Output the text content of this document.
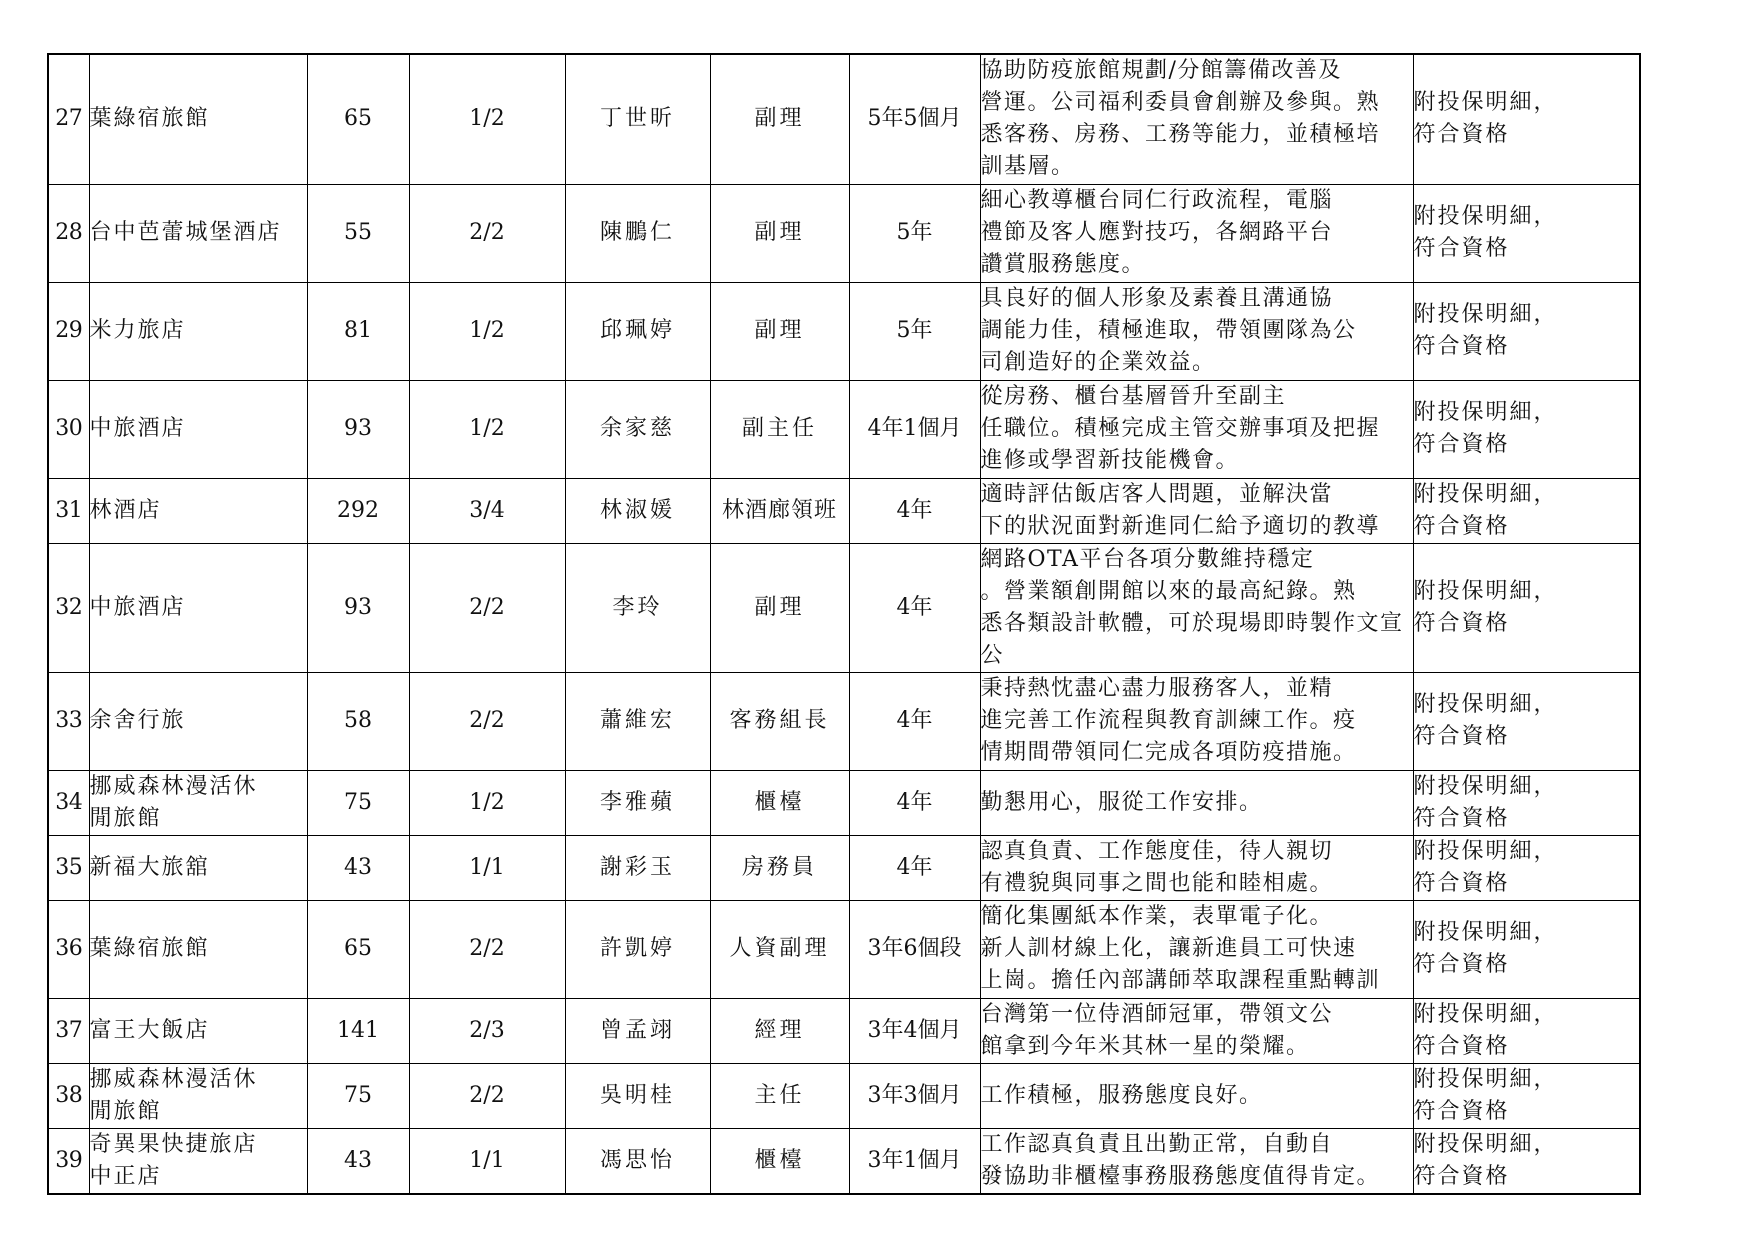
27	葉綠宿旅館	65	1/2	丁世昕	副理	5年5個月	協助防疫旅館規劃/分館籌備改善及
營運。公司福利委員會創辦及參與。熟
悉客務、房務、工務等能力，並積極培
訓基層。	附投保明細，
符合資格

28	台中芭蕾城堡酒店	55	2/2	陳鵬仁	副理	5年	細心教導櫃台同仁行政流程，電腦
禮節及客人應對技巧，各網路平台
讚賞服務態度。	附投保明細，
符合資格

29	米力旅店	81	1/2	邱珮婷	副理	5年	具良好的個人形象及素養且溝通協
調能力佳，積極進取，帶領團隊為公
司創造好的企業效益。	附投保明細，
符合資格

30	中旅酒店	93	1/2	余家慈	副主任	4年1個月	從房務、櫃台基層晉升至副主
任職位。積極完成主管交辦事項及把握
進修或學習新技能機會。	附投保明細，
符合資格

31	林酒店	292	3/4	林淑媛	林酒廊領班	4年	適時評估飯店客人問題，並解決當
下的狀況面對新進同仁給予適切的教導	附投保明細，
符合資格

32	中旅酒店	93	2/2	李玲	副理	4年	網路OTA平台各項分數維持穩定
。營業額創開館以來的最高紀錄。熟
悉各類設計軟體，可於現場即時製作文宣公	附投保明細，
符合資格

33	余舍行旅	58	2/2	蕭維宏	客務組長	4年	秉持熱忱盡心盡力服務客人，並精
進完善工作流程與教育訓練工作。疫
情期間帶領同仁完成各項防疫措施。	附投保明細，
符合資格

34	挪威森林漫活休
閒旅館	75	1/2	李雅蘋	櫃檯	4年	勤懇用心，服從工作安排。	附投保明細，
符合資格

35	新福大旅舘	43	1/1	謝彩玉	房務員	4年	認真負責、工作態度佳，待人親切
有禮貌與同事之間也能和睦相處。	附投保明細，
符合資格

36	葉綠宿旅館	65	2/2	許凱婷	人資副理	3年6個段	簡化集團紙本作業，表單電子化。
新人訓材線上化，讓新進員工可快速
上崗。擔任內部講師萃取課程重點轉訓	附投保明細，
符合資格

37	富王大飯店	141	2/3	曾孟翊	經理	3年4個月	台灣第一位侍酒師冠軍，帶領文公
館拿到今年米其林一星的榮耀。	附投保明細，
符合資格

38	挪威森林漫活休
閒旅館	75	2/2	吳明桂	主任	3年3個月	工作積極，服務態度良好。	附投保明細，
符合資格

39	奇異果快捷旅店
中正店	43	1/1	馮思怡	櫃檯	3年1個月	工作認真負責且出勤正常，自動自
發協助非櫃檯事務服務態度值得肯定。	附投保明細，
符合資格
